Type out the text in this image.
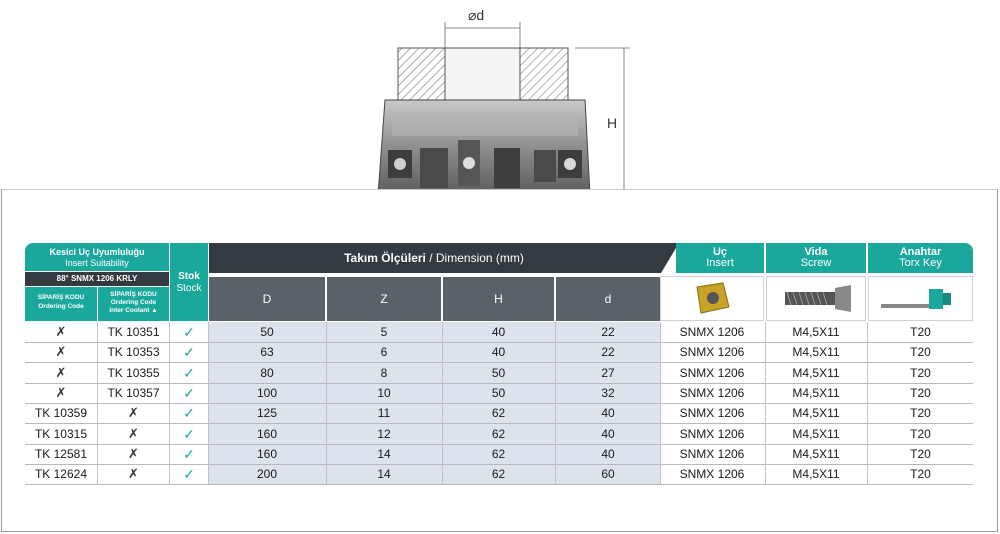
⌀d
H
Kesici Uç Uyumluluğu
Insert Suitability
88° SNMX 1206 KRLY
SİPARİŞ KODU
Ordering Code
SİPARİŞ KODU
Ordering Code
Inter Coolant ▲
Stok
Stock
Takım Ölçüleri / Dimension (mm)
D	Z	H	d
Uç
Insert
Vida
Screw
Anahtar
Torx Key
✗	TK 10351	✓	50	5	40	22	SNMX 1206	M4,5X11	T20
✗	TK 10353	✓	63	6	40	22	SNMX 1206	M4,5X11	T20
✗	TK 10355	✓	80	8	50	27	SNMX 1206	M4,5X11	T20
✗	TK 10357	✓	100	10	50	32	SNMX 1206	M4,5X11	T20
TK 10359	✗	✓	125	11	62	40	SNMX 1206	M4,5X11	T20
TK 10315	✗	✓	160	12	62	40	SNMX 1206	M4,5X11	T20
TK 12581	✗	✓	160	14	62	40	SNMX 1206	M4,5X11	T20
TK 12624	✗	✓	200	14	62	60	SNMX 1206	M4,5X11	T20
